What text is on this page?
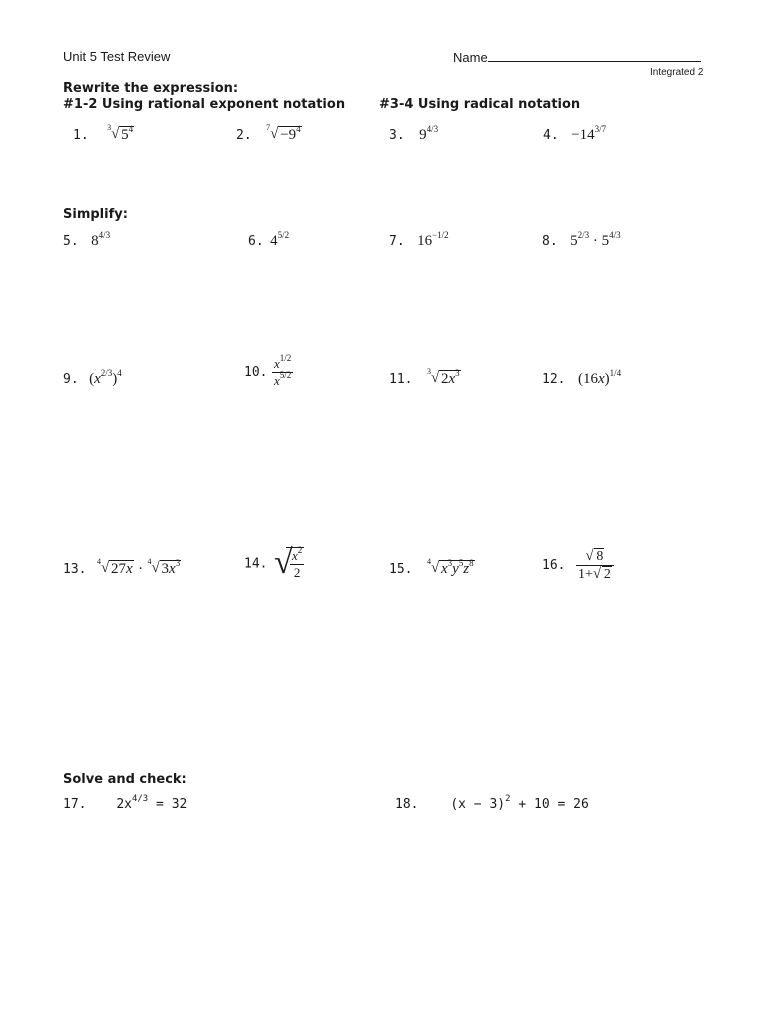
Unit 5 Test Review	Name
Integrated 2
Rewrite the expression:
#1-2 Using rational exponent notation	#3-4 Using radical notation
1.
3 √ $5^4$	2.
7 √ $-9^4$	3. $9^{4/3}$	4. $-14^{3/7}$
Simplify:
5. $8^{4/3}$	6. $4^{5/2}$	7. $16^{-1/2}$	8. $5^{2/3} \cdot 5^{4/3}$
9. $(x^{2/3})^4$	10. $\frac{x^{1/2}}{x^{5/2}}$	11.
3 √ $2x^3$	12. $(16x)^{1/4}$
13.
4 √ 27x · 4 √ $3x^3$	14. √
$\frac{x^2}{2}$	15.
4 √ $x^3y^5z^8$	16. $\frac{√ 8}{1+ √ 2}$
Solve and check:
17. $2x^{4/3} = 32$	18. $(x - 3)^2 + 10 = 26$
